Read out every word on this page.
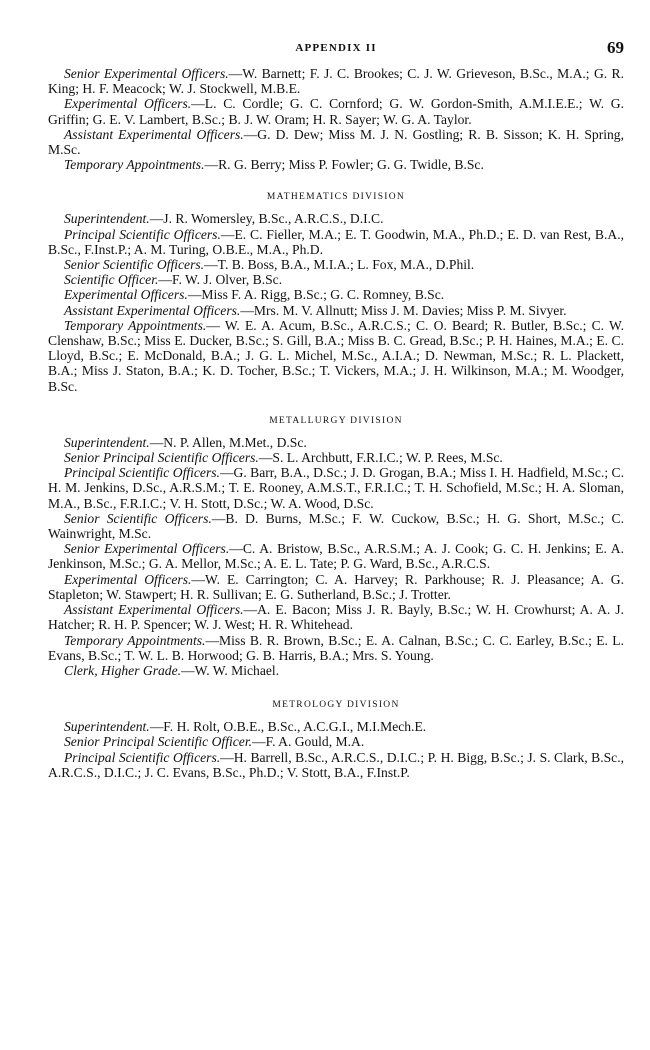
APPENDIX II	69

Senior Experimental Officers.—W. Barnett; F. J. C. Brookes; C. J. W. Grieveson, B.Sc., M.A.; G. R. King; H. F. Meacock; W. J. Stockwell, M.B.E.

Experimental Officers.—L. C. Cordle; G. C. Cornford; G. W. Gordon-Smith, A.M.I.E.E.; W. G. Griffin; G. E. V. Lambert, B.Sc.; B. J. W. Oram; H. R. Sayer; W. G. A. Taylor.

Assistant Experimental Officers.—G. D. Dew; Miss M. J. N. Gostling; R. B. Sisson; K. H. Spring, M.Sc.

Temporary Appointments.—R. G. Berry; Miss P. Fowler; G. G. Twidle, B.Sc.

MATHEMATICS DIVISION

Superintendent.—J. R. Womersley, B.Sc., A.R.C.S., D.I.C.

Principal Scientific Officers.—E. C. Fieller, M.A.; E. T. Goodwin, M.A., Ph.D.; E. D. van Rest, B.A., B.Sc., F.Inst.P.; A. M. Turing, O.B.E., M.A., Ph.D.

Senior Scientific Officers.—T. B. Boss, B.A., M.I.A.; L. Fox, M.A., D.Phil.

Scientific Officer.—F. W. J. Olver, B.Sc.

Experimental Officers.—Miss F. A. Rigg, B.Sc.; G. C. Romney, B.Sc.

Assistant Experimental Officers.—Mrs. M. V. Allnutt; Miss J. M. Davies; Miss P. M. Sivyer.

Temporary Appointments.— W. E. A. Acum, B.Sc., A.R.C.S.; C. O. Beard; R. Butler, B.Sc.; C. W. Clenshaw, B.Sc.; Miss E. Ducker, B.Sc.; S. Gill, B.A.; Miss B. C. Gread, B.Sc.; P. H. Haines, M.A.; E. C. Lloyd, B.Sc.; E. McDonald, B.A.; J. G. L. Michel, M.Sc., A.I.A.; D. Newman, M.Sc.; R. L. Plackett, B.A.; Miss J. Staton, B.A.; K. D. Tocher, B.Sc.; T. Vickers, M.A.; J. H. Wilkinson, M.A.; M. Woodger, B.Sc.

METALLURGY DIVISION

Superintendent.—N. P. Allen, M.Met., D.Sc.

Senior Principal Scientific Officers.—S. L. Archbutt, F.R.I.C.; W. P. Rees, M.Sc.

Principal Scientific Officers.—G. Barr, B.A., D.Sc.; J. D. Grogan, B.A.; Miss I. H. Hadfield, M.Sc.; C. H. M. Jenkins, D.Sc., A.R.S.M.; T. E. Rooney, A.M.S.T., F.R.I.C.; T. H. Schofield, M.Sc.; H. A. Sloman, M.A., B.Sc., F.R.I.C.; V. H. Stott, D.Sc.; W. A. Wood, D.Sc.

Senior Scientific Officers.—B. D. Burns, M.Sc.; F. W. Cuckow, B.Sc.; H. G. Short, M.Sc.; C. Wainwright, M.Sc.

Senior Experimental Officers.—C. A. Bristow, B.Sc., A.R.S.M.; A. J. Cook; G. C. H. Jenkins; E. A. Jenkinson, M.Sc.; G. A. Mellor, M.Sc.; A. E. L. Tate; P. G. Ward, B.Sc., A.R.C.S.

Experimental Officers.—W. E. Carrington; C. A. Harvey; R. Parkhouse; R. J. Pleasance; A. G. Stapleton; W. Stawpert; H. R. Sullivan; E. G. Sutherland, B.Sc.; J. Trotter.

Assistant Experimental Officers.—A. E. Bacon; Miss J. R. Bayly, B.Sc.; W. H. Crowhurst; A. A. J. Hatcher; R. H. P. Spencer; W. J. West; H. R. Whitehead.

Temporary Appointments.—Miss B. R. Brown, B.Sc.; E. A. Calnan, B.Sc.; C. C. Earley, B.Sc.; E. L. Evans, B.Sc.; T. W. L. B. Horwood; G. B. Harris, B.A.; Mrs. S. Young.

Clerk, Higher Grade.—W. W. Michael.

METROLOGY DIVISION

Superintendent.—F. H. Rolt, O.B.E., B.Sc., A.C.G.I., M.I.Mech.E.

Senior Principal Scientific Officer.—F. A. Gould, M.A.

Principal Scientific Officers.—H. Barrell, B.Sc., A.R.C.S., D.I.C.; P. H. Bigg, B.Sc.; J. S. Clark, B.Sc., A.R.C.S., D.I.C.; J. C. Evans, B.Sc., Ph.D.; V. Stott, B.A., F.Inst.P.
